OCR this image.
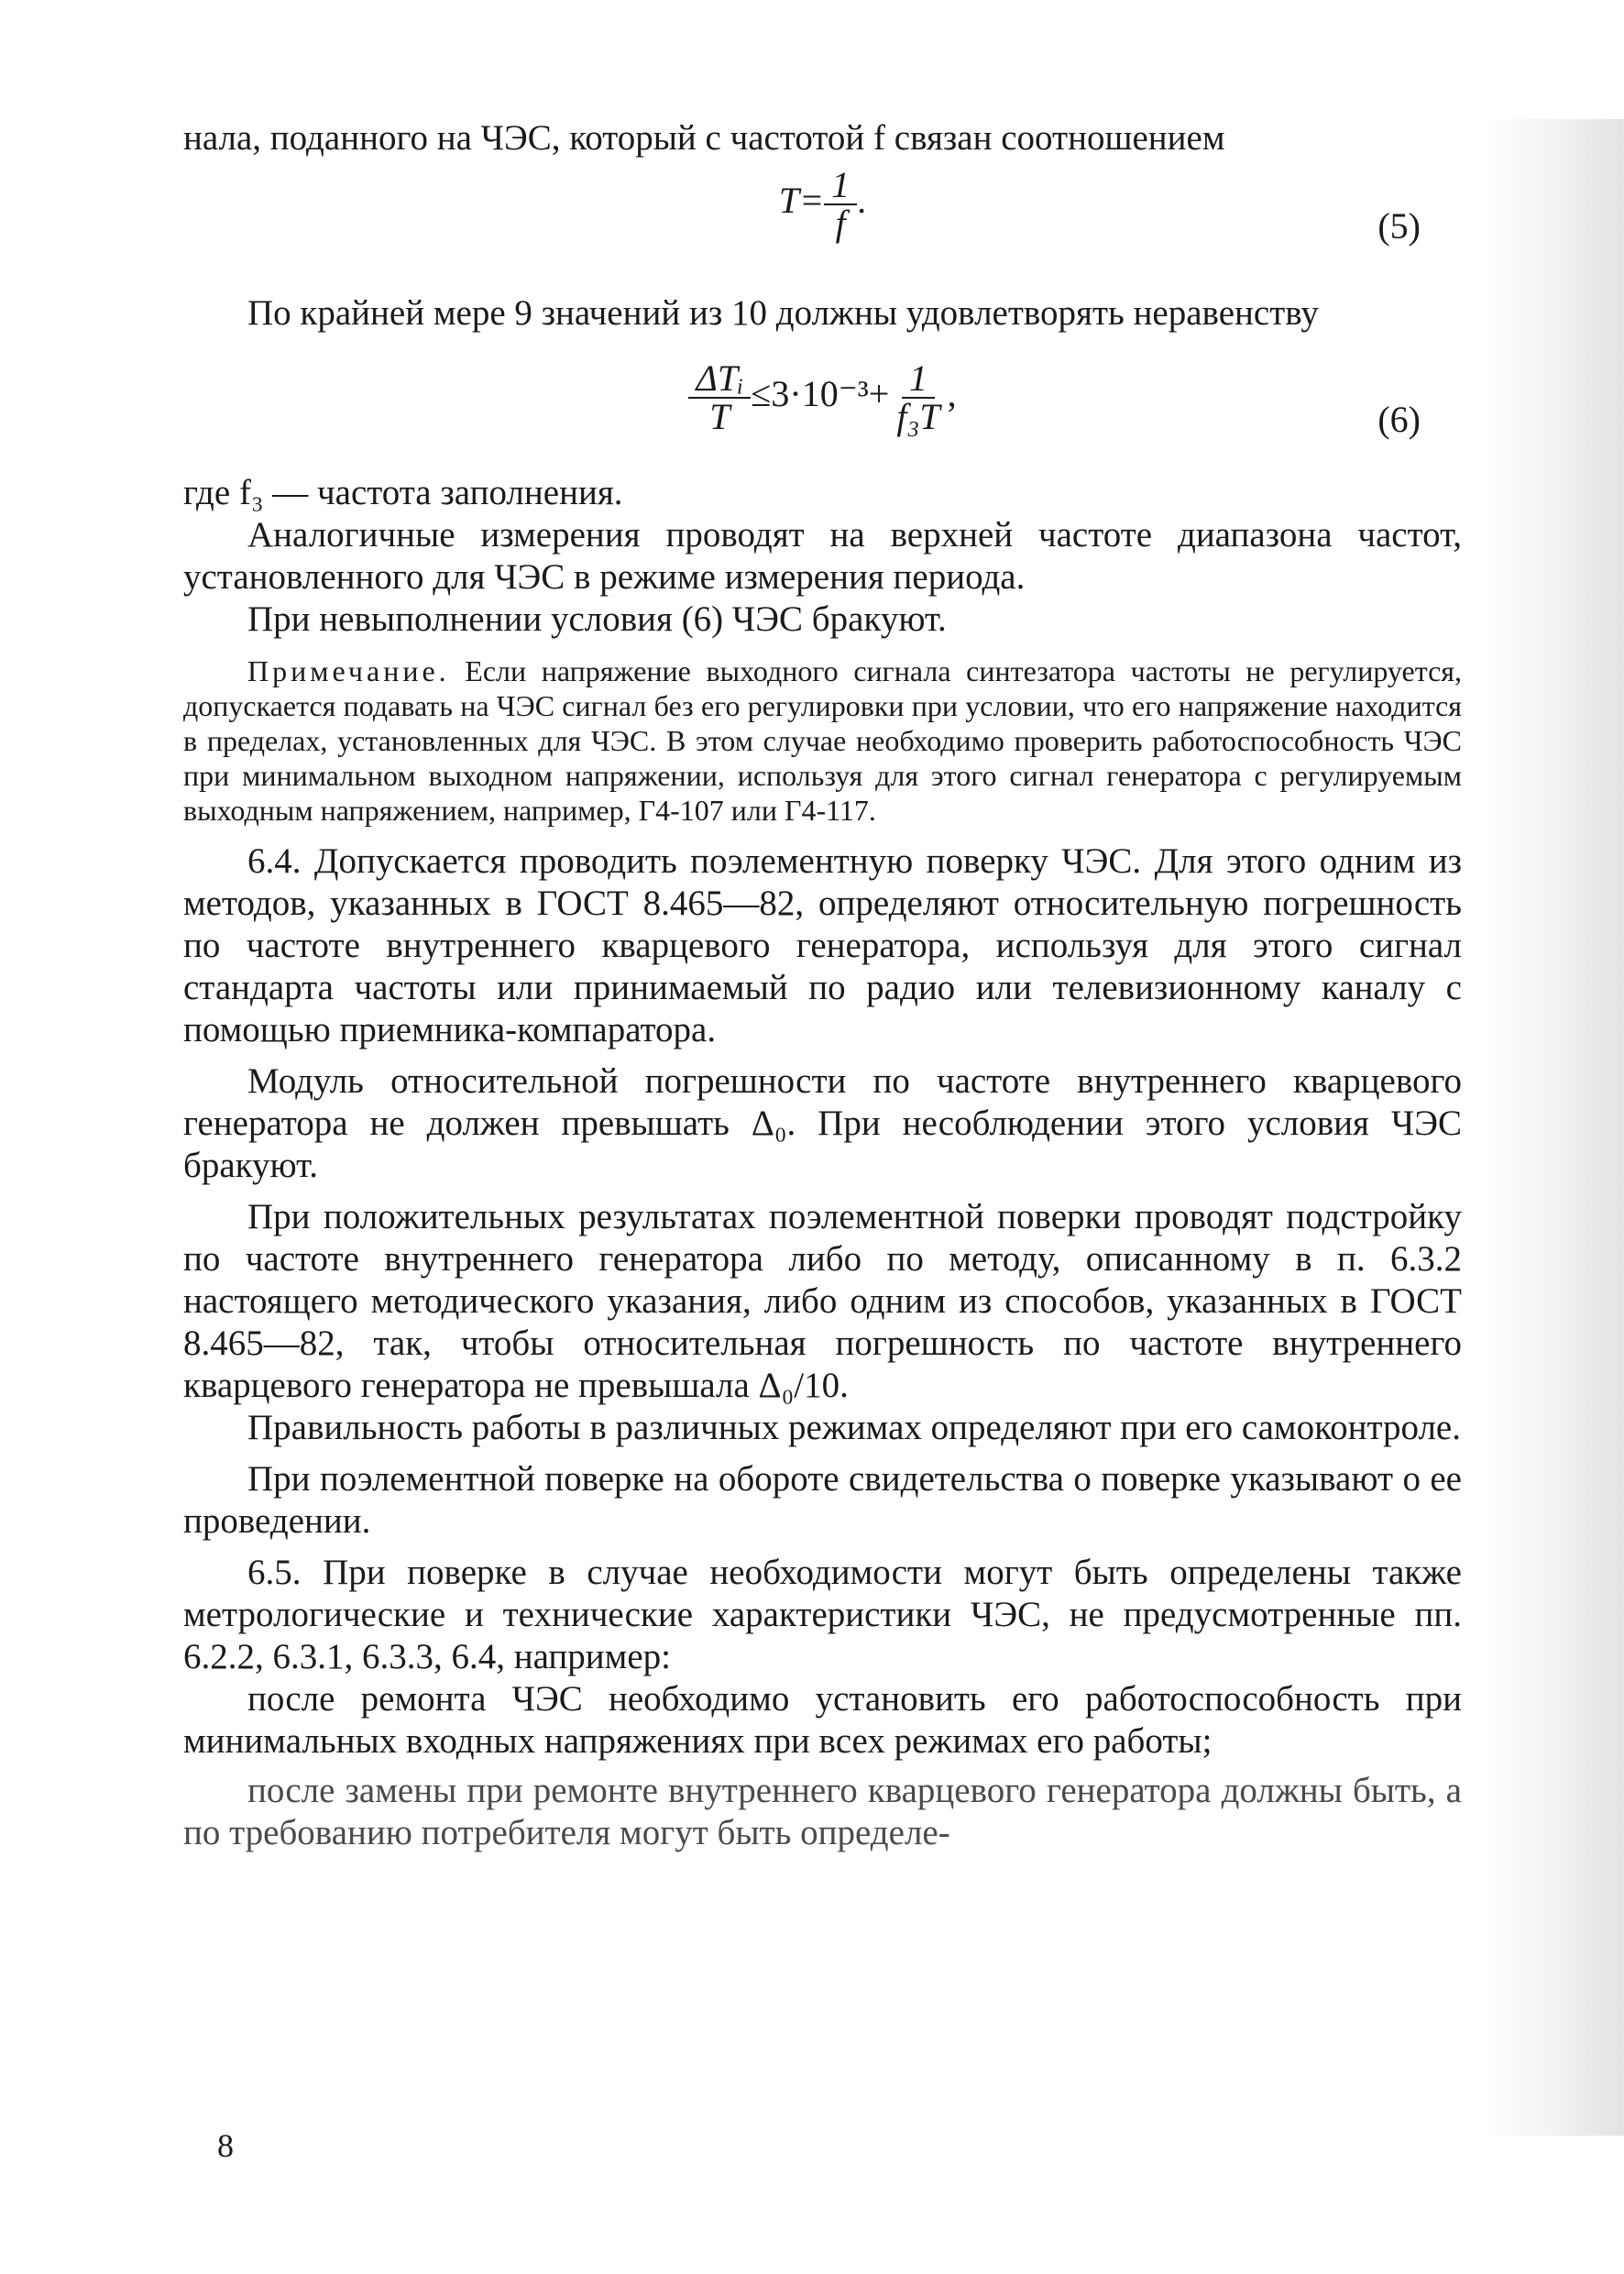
нала, поданного на ЧЭС, который с частотой f связан соотношением

$T= \frac{1}{f}$ .
(5)

По крайней мере 9 значений из 10 должны удовлетворять неравенству

$\frac{\text{ΔTᵢ}}{T} \le 3\cdot 10^{-3}+ \frac{1}{\text{f₃T}}$ ,
(6)

где f₃ — частота заполнения.

Аналогичные измерения проводят на верхней частоте диапазона частот, установленного для ЧЭС в режиме измерения периода.

При невыполнении условия (6) ЧЭС бракуют.

Примечание. Если напряжение выходного сигнала синтезатора частоты не регулируется, допускается подавать на ЧЭС сигнал без его регулировки при условии, что его напряжение находится в пределах, установленных для ЧЭС. В этом случае необходимо проверить работоспособность ЧЭС при минимальном выходном напряжении, используя для этого сигнал генератора с регулируемым выходным напряжением, например, Г4-107 или Г4-117.

6.4. Допускается проводить поэлементную поверку ЧЭС. Для этого одним из методов, указанных в ГОСТ 8.465—82, определяют относительную погрешность по частоте внутреннего кварцевого генератора, используя для этого сигнал стандарта частоты или принимаемый по радио или телевизионному каналу с помощью приемника-компаратора.

Модуль относительной погрешности по частоте внутреннего кварцевого генератора не должен превышать Δ₀. При несоблюдении этого условия ЧЭС бракуют.

При положительных результатах поэлементной поверки проводят подстройку по частоте внутреннего генератора либо по методу, описанному в п. 6.3.2 настоящего методического указания, либо одним из способов, указанных в ГОСТ 8.465—82, так, чтобы относительная погрешность по частоте внутреннего кварцевого генератора не превышала Δ₀/10.

Правильность работы в различных режимах определяют при его самоконтроле.

При поэлементной поверке на обороте свидетельства о поверке указывают о ее проведении.

6.5. При поверке в случае необходимости могут быть определены также метрологические и технические характеристики ЧЭС, не предусмотренные пп. 6.2.2, 6.3.1, 6.3.3, 6.4, например:

после ремонта ЧЭС необходимо установить его работоспособность при минимальных входных напряжениях при всех режимах его работы;

после замены при ремонте внутреннего кварцевого генератора должны быть, а по требованию потребителя могут быть определе-

8
